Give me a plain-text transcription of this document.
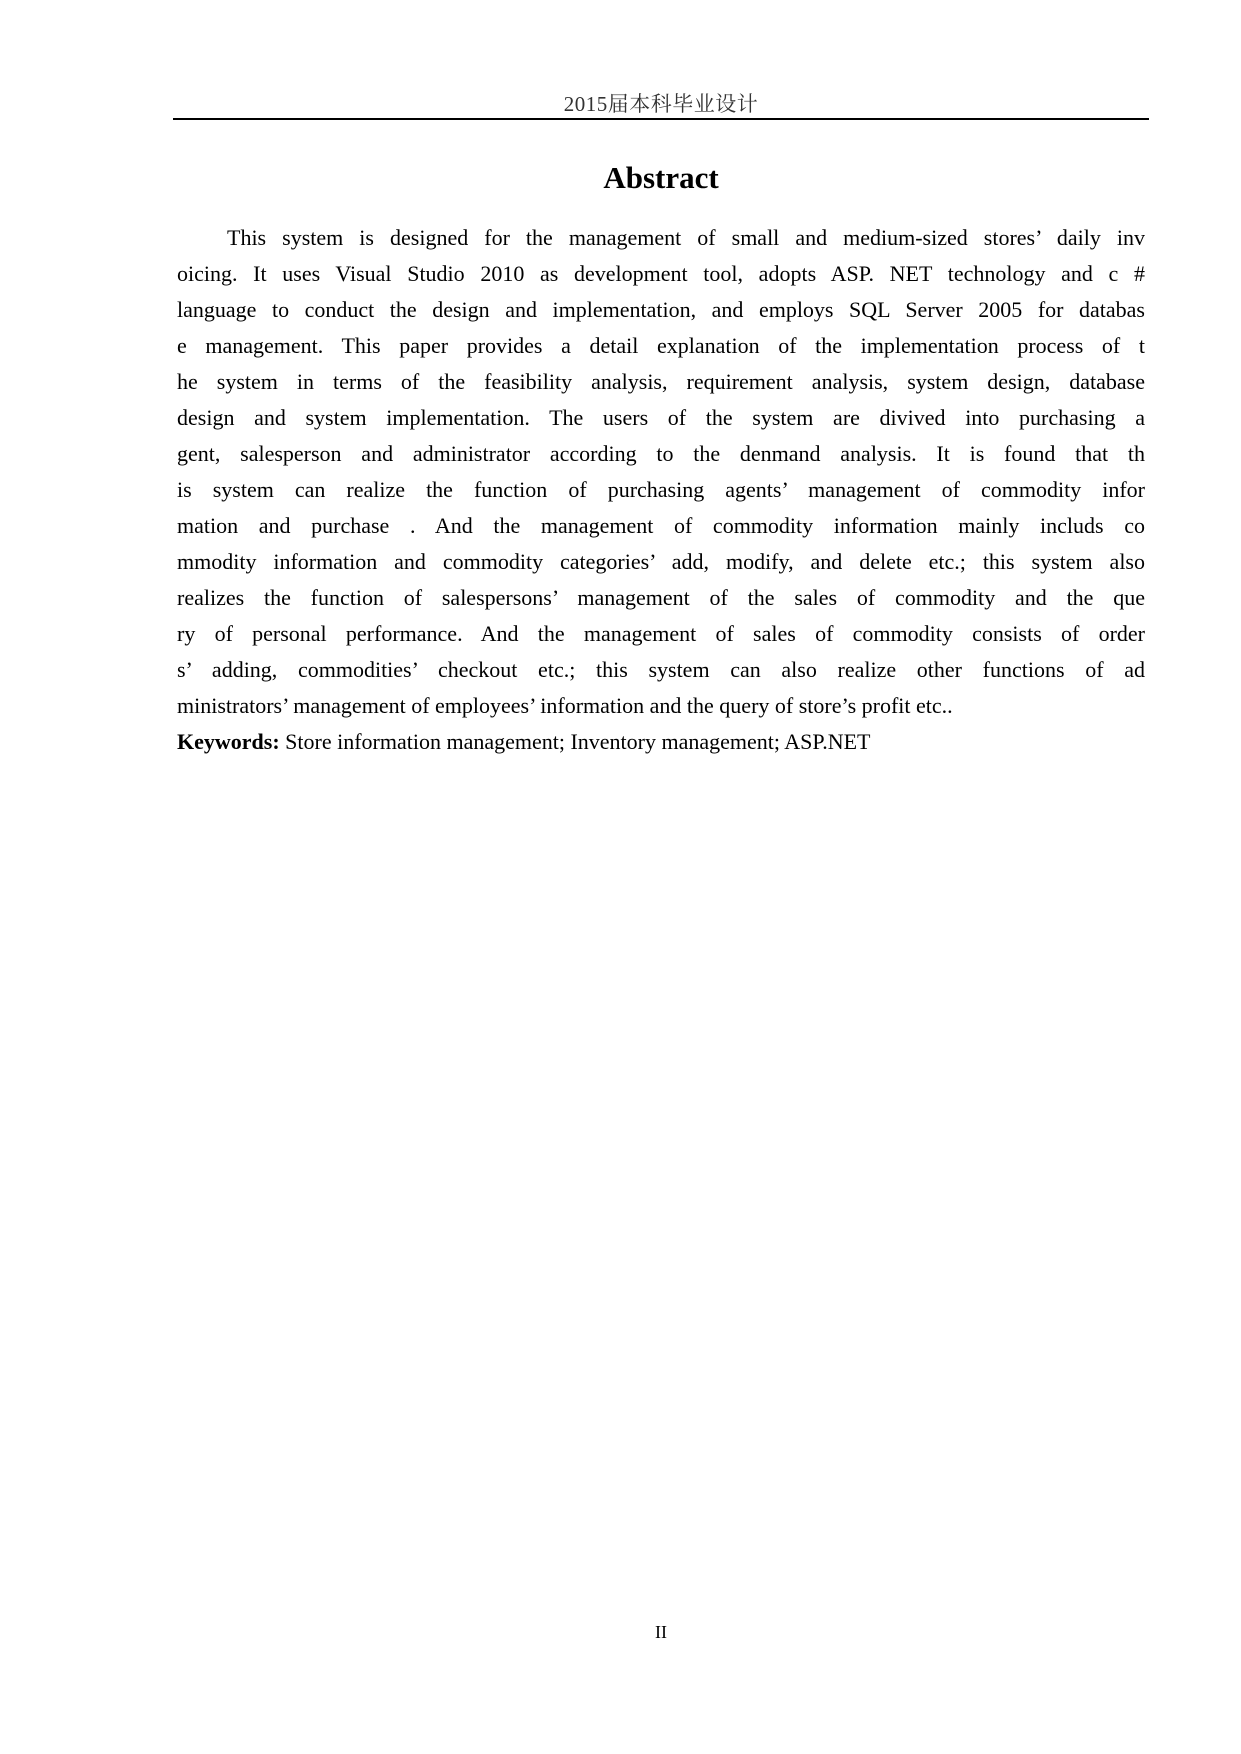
2015届本科毕业设计
Abstract
This system is designed for the management of small and medium-sized stores’ daily inv
oicing. It uses Visual Studio 2010 as development tool, adopts ASP. NET technology and c #
language to conduct the design and implementation, and employs SQL Server 2005 for databas
e management. This paper provides a detail explanation of the implementation process of t
he system in terms of the feasibility analysis, requirement analysis, system design, database
design and system implementation. The users of the system are divived into purchasing a
gent, salesperson and administrator according to the denmand analysis. It is found that th
is system can realize the function of purchasing agents’ management of commodity infor
mation and purchase . And the management of commodity information mainly includs co
mmodity information and commodity categories’ add, modify, and delete etc.; this system also
realizes the function of salespersons’ management of the sales of commodity and the que
ry of personal performance. And the management of sales of commodity consists of order
s’ adding, commodities’ checkout etc.; this system can also realize other functions of ad
ministrators’ management of employees’ information and the query of store’s profit etc..
Keywords: Store information management; Inventory management; ASP.NET
II
